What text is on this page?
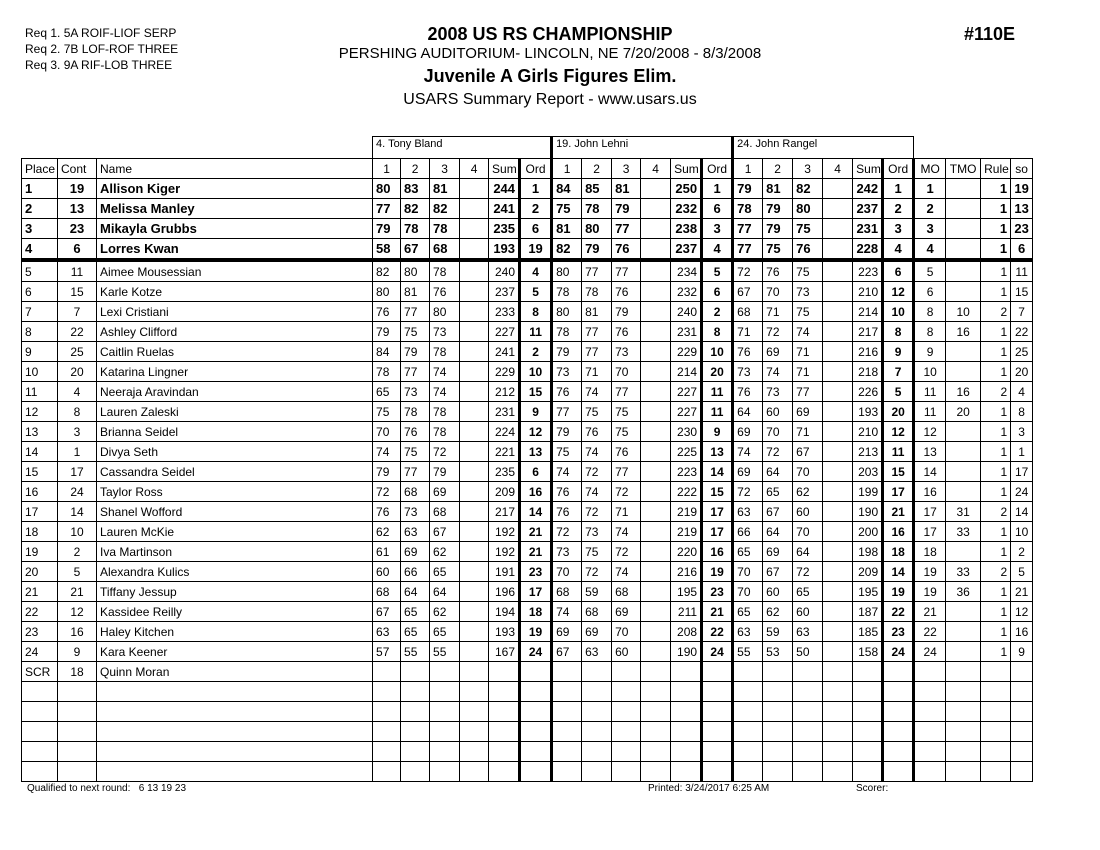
Req 1. 5A ROIF-LIOF SERP
Req 2. 7B LOF-ROF THREE
Req 3. 9A RIF-LOB THREE
2008 US RS CHAMPIONSHIP
PERSHING AUDITORIUM- LINCOLN, NE 7/20/2008 - 8/3/2008
Juvenile A Girls Figures Elim.
USARS Summary Report - www.usars.us
#110E
			4. Tony Bland						19. John Lehni						24. John Rangel									
Place	Cont	Name	1	2	3	4	Sum	Ord	1	2	3	4	Sum	Ord	1	2	3	4	Sum	Ord	MO	TMO	Rule	so
1	19	Allison Kiger	80	83	81		244	1	84	85	81		250	1	79	81	82		242	1	1		1	19
2	13	Melissa Manley	77	82	82		241	2	75	78	79		232	6	78	79	80		237	2	2		1	13
3	23	Mikayla Grubbs	79	78	78		235	6	81	80	77		238	3	77	79	75		231	3	3		1	23
4	6	Lorres Kwan	58	67	68		193	19	82	79	76		237	4	77	75	76		228	4	4		1	6
5	11	Aimee Mousessian	82	80	78		240	4	80	77	77		234	5	72	76	75		223	6	5		1	11
6	15	Karle Kotze	80	81	76		237	5	78	78	76		232	6	67	70	73		210	12	6		1	15
7	7	Lexi Cristiani	76	77	80		233	8	80	81	79		240	2	68	71	75		214	10	8	10	2	7
8	22	Ashley Clifford	79	75	73		227	11	78	77	76		231	8	71	72	74		217	8	8	16	1	22
9	25	Caitlin Ruelas	84	79	78		241	2	79	77	73		229	10	76	69	71		216	9	9		1	25
10	20	Katarina Lingner	78	77	74		229	10	73	71	70		214	20	73	74	71		218	7	10		1	20
11	4	Neeraja Aravindan	65	73	74		212	15	76	74	77		227	11	76	73	77		226	5	11	16	2	4
12	8	Lauren Zaleski	75	78	78		231	9	77	75	75		227	11	64	60	69		193	20	11	20	1	8
13	3	Brianna Seidel	70	76	78		224	12	79	76	75		230	9	69	70	71		210	12	12		1	3
14	1	Divya Seth	74	75	72		221	13	75	74	76		225	13	74	72	67		213	11	13		1	1
15	17	Cassandra Seidel	79	77	79		235	6	74	72	77		223	14	69	64	70		203	15	14		1	17
16	24	Taylor Ross	72	68	69		209	16	76	74	72		222	15	72	65	62		199	17	16		1	24
17	14	Shanel Wofford	76	73	68		217	14	76	72	71		219	17	63	67	60		190	21	17	31	2	14
18	10	Lauren McKie	62	63	67		192	21	72	73	74		219	17	66	64	70		200	16	17	33	1	10
19	2	Iva Martinson	61	69	62		192	21	73	75	72		220	16	65	69	64		198	18	18		1	2
20	5	Alexandra Kulics	60	66	65		191	23	70	72	74		216	19	70	67	72		209	14	19	33	2	5
21	21	Tiffany Jessup	68	64	64		196	17	68	59	68		195	23	70	60	65		195	19	19	36	1	21
22	12	Kassidee Reilly	67	65	62		194	18	74	68	69		211	21	65	62	60		187	22	21		1	12
23	16	Haley Kitchen	63	65	65		193	19	69	69	70		208	22	63	59	63		185	23	22		1	16
24	9	Kara Keener	57	55	55		167	24	67	63	60		190	24	55	53	50		158	24	24		1	9
SCR	18	Quinn Moran																						

Qualified to next round: 6 13 19 23	Printed: 3/24/2017 6:25 AM	Scorer:
